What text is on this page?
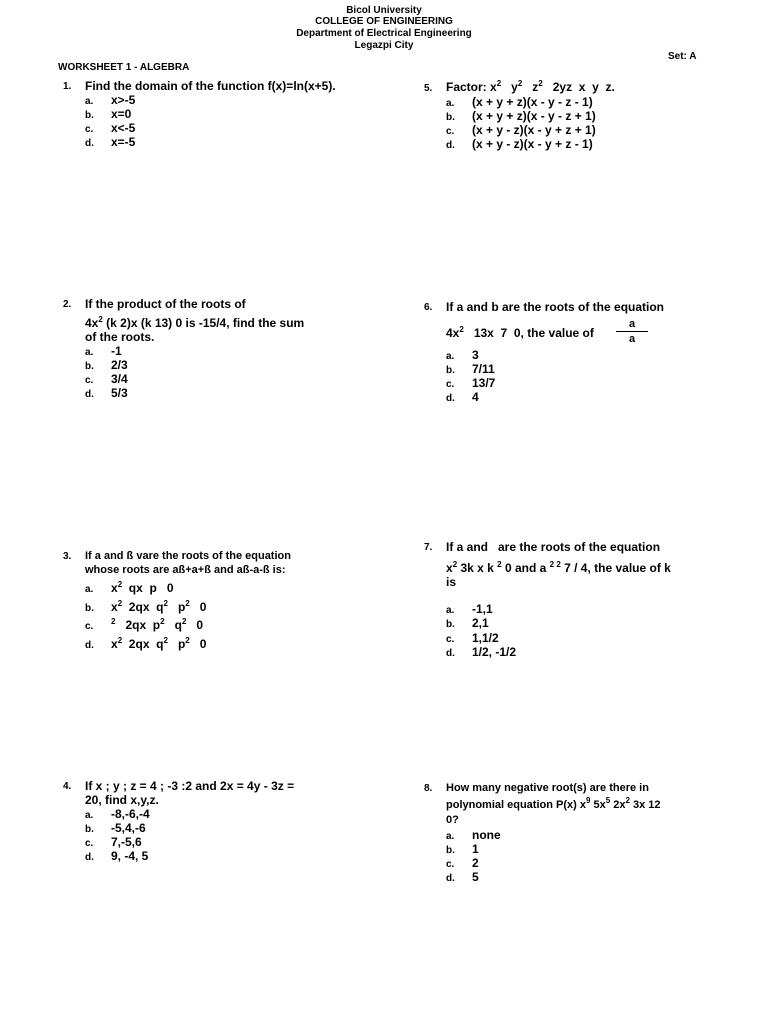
Bicol University
COLLEGE OF ENGINEERING
Department of Electrical Engineering
Legazpi City
Set: A
WORKSHEET 1 - ALGEBRA
1. Find the domain of the function f(x)=ln(x+5).
a. x>-5
b. x=0
c. x<-5
d. x=-5
5. Factor: $x^2$   $y^2$   $z^2$   2yz  x  y  z.
a. (x + y + z)(x - y - z - 1)
b. (x + y + z)(x - y - z + 1)
c. (x + y - z)(x - y + z + 1)
d. (x + y - z)(x - y + z - 1)
2. If the product of the roots of
$4x^2$ (k 2)x (k 13) 0 is -15/4, find the sum
of the roots.
a. -1
b. 2/3
c. 3/4
d. 5/3
6. If a and b are the roots of the equation
$4x^2$   13x  7  0, the value of
a
a
a. 3
b. 7/11
c. 13/7
d. 4
7. If a and   are the roots of the equation
$x^2$ 3k x k $^2$ 0 and a $^{2 2}$ 7 / 4, the value of k
is
a. -1,1
b. 2,1
c. 1,1/2
d. 1/2, -1/2
3. If a and ß vare the roots of the equation
whose roots are aß+a+ß and aß-a-ß is:
a. $x^2$  qx  p   0
b. $x^2$  2qx  $q^2$   $p^2$   0
c. $^2$   2qx  $p^2$   $q^2$   0
d. $x^2$  2qx  $q^2$   $p^2$   0
4. If x ; y ; z = 4 ; -3 :2 and 2x = 4y - 3z =
20, find x,y,z.
a. -8,-6,-4
b. -5,4,-6
c. 7,-5,6
d. 9, -4, 5
8. How many negative root(s) are there in
polynomial equation P(x) $x^9$ $5x^5$ $2x^2$ 3x 12
0?
a. none
b. 1
c. 2
d. 5
